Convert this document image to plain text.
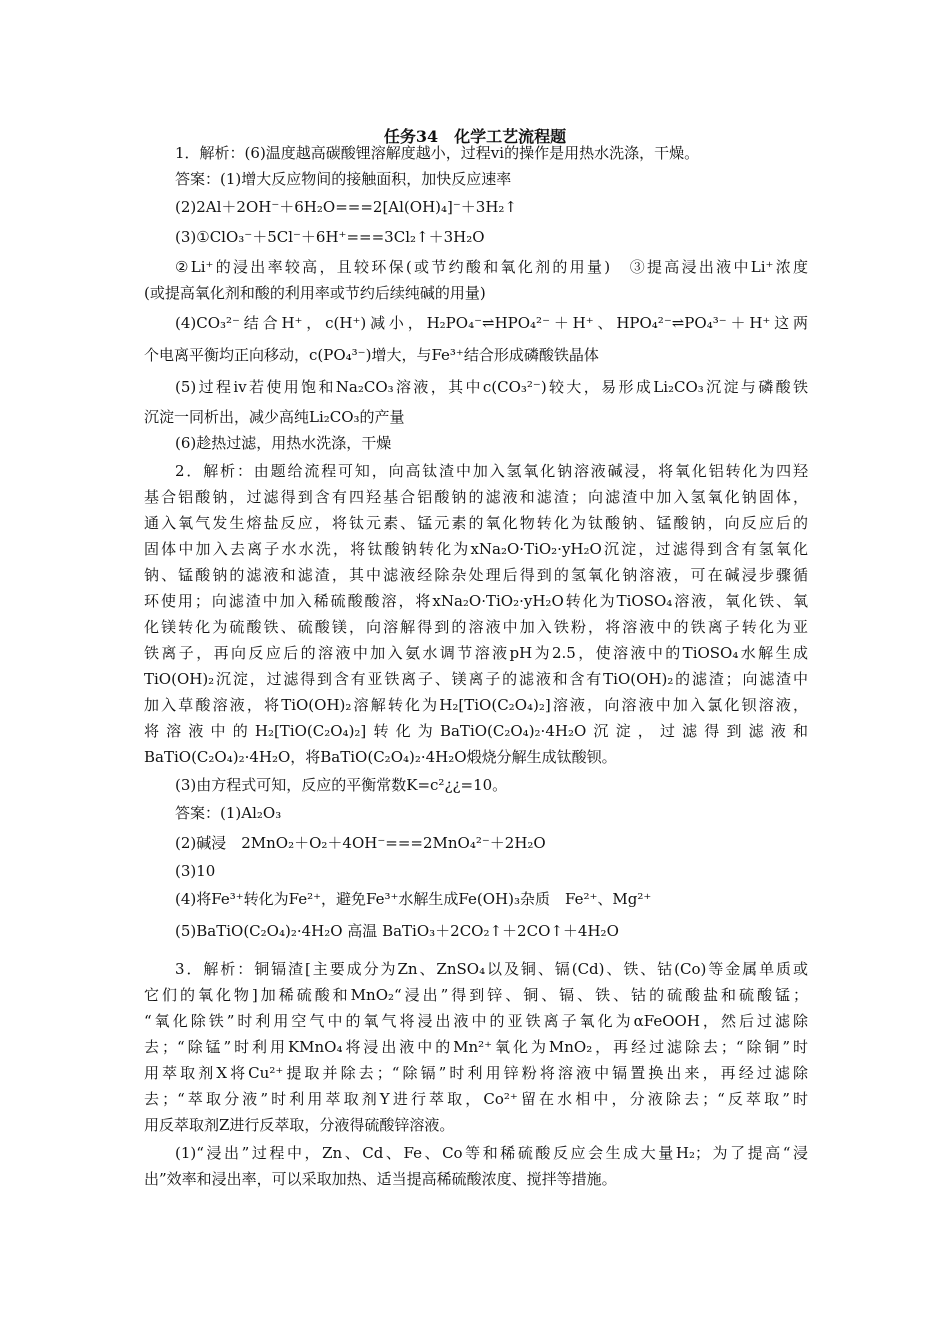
任务34　化学工艺流程题
1．解析：(6)温度越高碳酸锂溶解度越小，过程ⅵ的操作是用热水洗涤，干燥。
答案：(1)增大反应物间的接触面积，加快反应速率
(2)2Al＋2OH⁻＋6H₂O===2[Al(OH)₄]⁻＋3H₂↑
(3)①ClO₃⁻＋5Cl⁻＋6H⁺===3Cl₂↑＋3H₂O
②Li⁺的浸出率较高，且较环保(或节约酸和氧化剂的用量)　③提高浸出液中Li⁺浓度
(或提高氧化剂和酸的利用率或节约后续纯碱的用量)
(4)CO₃²⁻结合H⁺，c(H⁺)减小，H₂PO₄⁻⇌HPO₄²⁻＋H⁺、HPO₄²⁻⇌PO₄³⁻＋H⁺这两
个电离平衡均正向移动，c(PO₄³⁻)增大，与Fe³⁺结合形成磷酸铁晶体
(5)过程ⅳ若使用饱和Na₂CO₃溶液，其中c(CO₃²⁻)较大，易形成Li₂CO₃沉淀与磷酸铁
沉淀一同析出，减少高纯Li₂CO₃的产量
(6)趁热过滤，用热水洗涤，干燥
2．解析：由题给流程可知，向高钛渣中加入氢氧化钠溶液碱浸，将氧化铝转化为四羟
基合铝酸钠，过滤得到含有四羟基合铝酸钠的滤液和滤渣；向滤渣中加入氢氧化钠固体，
通入氧气发生熔盐反应，将钛元素、锰元素的氧化物转化为钛酸钠、锰酸钠，向反应后的
固体中加入去离子水水洗，将钛酸钠转化为xNa₂O·TiO₂·yH₂O沉淀，过滤得到含有氢氧化
钠、锰酸钠的滤液和滤渣，其中滤液经除杂处理后得到的氢氧化钠溶液，可在碱浸步骤循
环使用；向滤渣中加入稀硫酸酸溶，将xNa₂O·TiO₂·yH₂O转化为TiOSO₄溶液，氧化铁、氧
化镁转化为硫酸铁、硫酸镁，向溶解得到的溶液中加入铁粉，将溶液中的铁离子转化为亚
铁离子，再向反应后的溶液中加入氨水调节溶液pH为2.5，使溶液中的TiOSO₄水解生成
TiO(OH)₂沉淀，过滤得到含有亚铁离子、镁离子的滤液和含有TiO(OH)₂的滤渣；向滤渣中
加入草酸溶液，将TiO(OH)₂溶解转化为H₂[TiO(C₂O₄)₂]溶液，向溶液中加入氯化钡溶液，
将溶液中的H₂[TiO(C₂O₄)₂]转化为BaTiO(C₂O₄)₂·4H₂O沉淀，过滤得到滤液和
BaTiO(C₂O₄)₂·4H₂O，将BaTiO(C₂O₄)₂·4H₂O煅烧分解生成钛酸钡。
(3)由方程式可知，反应的平衡常数K=c²¿¿=10。
答案：(1)Al₂O₃
(2)碱浸　2MnO₂＋O₂＋4OH⁻===2MnO₄²⁻＋2H₂O
(3)10
(4)将Fe³⁺转化为Fe²⁺，避免Fe³⁺水解生成Fe(OH)₃杂质　Fe²⁺、Mg²⁺
(5)BaTiO(C₂O₄)₂·4H₂O 高温 BaTiO₃＋2CO₂↑＋2CO↑＋4H₂O
3．解析：铜镉渣[主要成分为Zn、ZnSO₄以及铜、镉(Cd)、铁、钴(Co)等金属单质或
它们的氧化物]加稀硫酸和MnO₂“浸出”得到锌、铜、镉、铁、钴的硫酸盐和硫酸锰；
“氧化除铁”时利用空气中的氧气将浸出液中的亚铁离子氧化为αFeOOH，然后过滤除
去；“除锰”时利用KMnO₄将浸出液中的Mn²⁺氧化为MnO₂，再经过滤除去；“除铜”时
用萃取剂X将Cu²⁺提取并除去；“除镉”时利用锌粉将溶液中镉置换出来，再经过滤除
去；“萃取分液”时利用萃取剂Y进行萃取，Co²⁺留在水相中，分液除去；“反萃取”时
用反萃取剂Z进行反萃取，分液得硫酸锌溶液。
(1)“浸出”过程中，Zn、Cd、Fe、Co等和稀硫酸反应会生成大量H₂；为了提高“浸
出”效率和浸出率，可以采取加热、适当提高稀硫酸浓度、搅拌等措施。
